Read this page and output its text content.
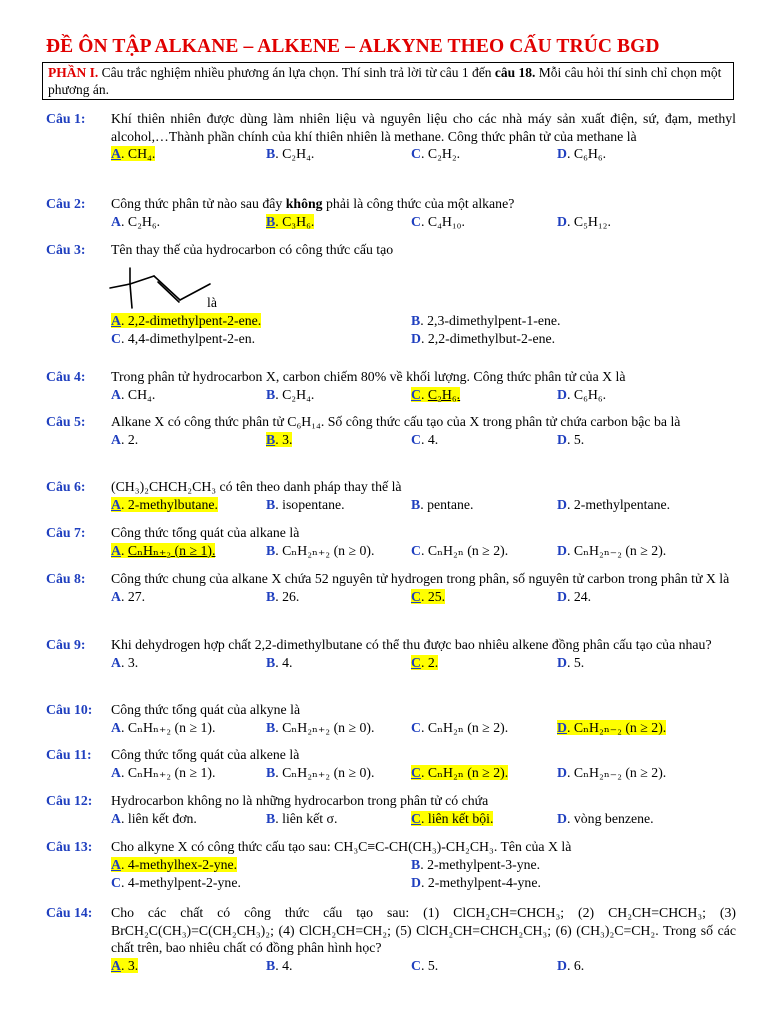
ĐỀ ÔN TẬP ALKANE – ALKENE – ALKYNE THEO CẤU TRÚC BGD
PHẦN I. Câu trắc nghiệm nhiều phương án lựa chọn. Thí sinh trả lời từ câu 1 đến câu 18. Mỗi câu hỏi thí sinh chỉ chọn một phương án.
Câu 1: Khí thiên nhiên được dùng làm nhiên liệu và nguyên liệu cho các nhà máy sản xuất điện, sứ, đạm, methyl alcohol,…Thành phần chính của khí thiên nhiên là methane. Công thức phân tử của methane là
A. CH₄.	B. C₂H₄.	C. C₂H₂.	D. C₆H₆.
Câu 2: Công thức phân tử nào sau đây không phải là công thức của một alkane?
A. C₂H₆.	B. C₃H₆.	C. C₄H₁₀.	D. C₅H₁₂.
Câu 3: Tên thay thế của hydrocarbon có công thức cấu tạo
là
A. 2,2-dimethylpent-2-ene.	B. 2,3-dimethylpent-1-ene.
C. 4,4-dimethylpent-2-en.	D. 2,2-dimethylbut-2-ene.
Câu 4: Trong phân tử hydrocarbon X, carbon chiếm 80% về khối lượng. Công thức phân tử của X là
A. CH₄.	B. C₂H₄.	C. C₂H₆.	D. C₆H₆.
Câu 5: Alkane X có công thức phân tử C₆H₁₄. Số công thức cấu tạo của X trong phân tử chứa carbon bậc ba là
A. 2.	B. 3.	C. 4.	D. 5.
Câu 6: (CH₃)₂CHCH₂CH₃ có tên theo danh pháp thay thế là
A. 2-methylbutane.	B. isopentane.	B. pentane.	D. 2-methylpentane.
Câu 7: Công thức tổng quát của alkane là
A. CₙHₙ₊₂ (n ≥ 1).	B. CₙH₂ₙ₊₂ (n ≥ 0).	C. CₙH₂ₙ (n ≥ 2).	D. CₙH₂ₙ₋₂ (n ≥ 2).
Câu 8: Công thức chung của alkane X chứa 52 nguyên tử hydrogen trong phân, số nguyên tử carbon trong phân tử X là
A. 27.	B. 26.	C. 25.	D. 24.
Câu 9: Khi dehydrogen hợp chất 2,2-dimethylbutane có thể thu được bao nhiêu alkene đồng phân cấu tạo của nhau?
A. 3.	B. 4.	C. 2.	D. 5.
Câu 10: Công thức tổng quát của alkyne là
A. CₙHₙ₊₂ (n ≥ 1).	B. CₙH₂ₙ₊₂ (n ≥ 0).	C. CₙH₂ₙ (n ≥ 2).	D. CₙH₂ₙ₋₂ (n ≥ 2).
Câu 11: Công thức tổng quát của alkene là
A. CₙHₙ₊₂ (n ≥ 1).	B. CₙH₂ₙ₊₂ (n ≥ 0).	C. CₙH₂ₙ (n ≥ 2).	D. CₙH₂ₙ₋₂ (n ≥ 2).
Câu 12: Hydrocarbon không no là những hydrocarbon trong phân tử có chứa
A. liên kết đơn.	B. liên kết σ.	C. liên kết bội.	D. vòng benzene.
Câu 13: Cho alkyne X có công thức cấu tạo sau: CH₃C≡C-CH(CH₃)-CH₂CH₃. Tên của X là
A. 4-methylhex-2-yne.	B. 2-methylpent-3-yne.
C. 4-methylpent-2-yne.	D. 2-methylpent-4-yne.
Câu 14: Cho các chất có công thức cấu tạo sau: (1) ClCH₂CH=CHCH₃; (2) CH₂CH=CHCH₃; (3) BrCH₂C(CH₃)=C(CH₂CH₃)₂; (4) ClCH₂CH=CH₂; (5) ClCH₂CH=CHCH₂CH₃; (6) (CH₃)₂C=CH₂. Trong số các chất trên, bao nhiêu chất có đồng phân hình học?
A. 3.	B. 4.	C. 5.	D. 6.
